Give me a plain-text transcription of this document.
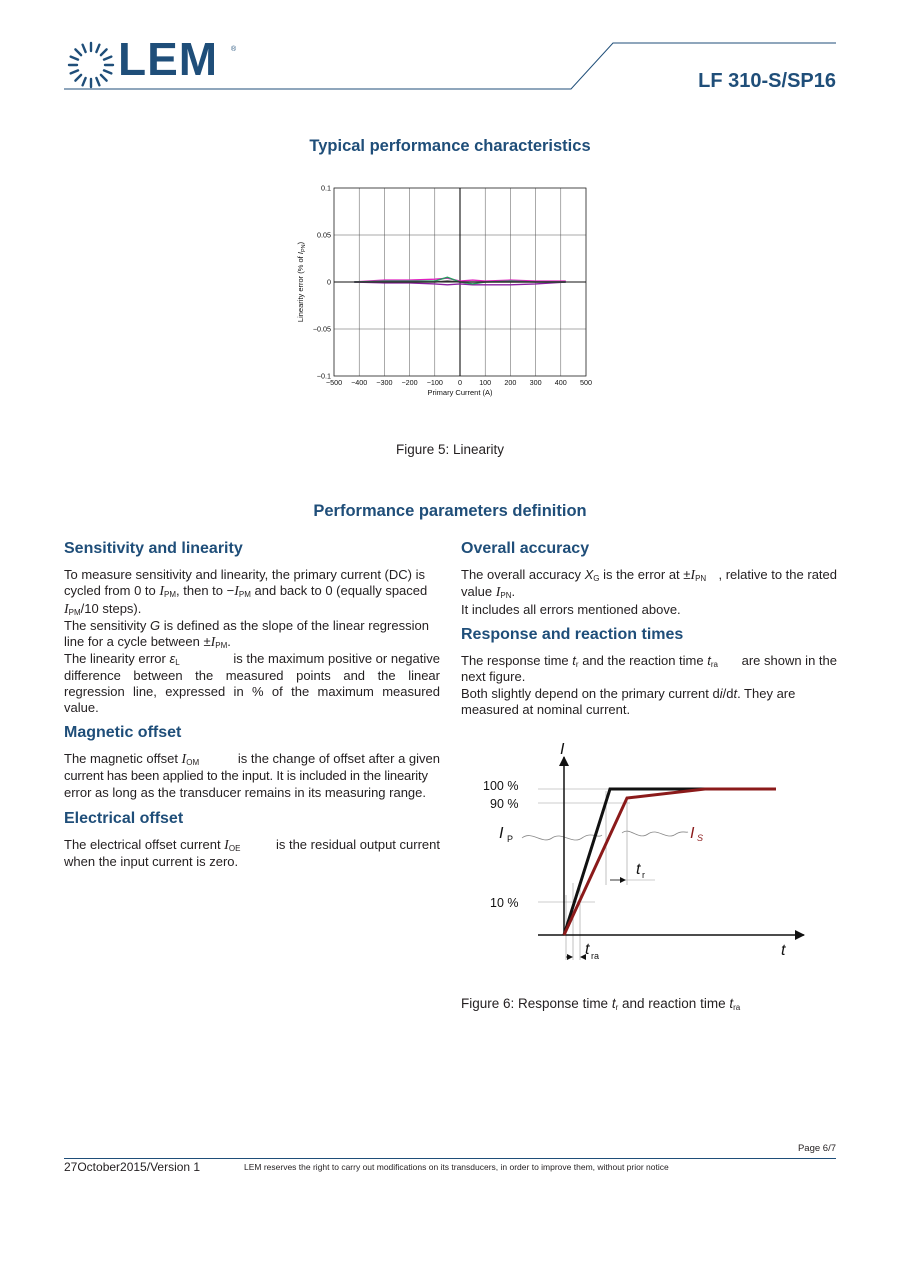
LEM ®
LF 310-S/SP16
Typical performance characteristics
−500 −400 −300 −200 −100 0 100 200 300 400 500
0.1
0.05
0
−0.05
−0.1
Primary Current (A)
Linearity error (% of $I_{PN}$)
Figure 5: Linearity
Performance parameters definition
Sensitivity and linearity
To measure sensitivity and linearity, the primary current (DC) is
cycled from 0 to $I_{PM}$, then to $-I_{PM}$ and back to 0 (equally spaced
$I_{PM}/10$ steps).
The sensitivity G is defined as the slope of the linear regression
line for a cycle between $\pm I_{PM}$.
The linearity error $\varepsilon_L$	is the maximum positive or negative
difference between the measured points and the linear
regression line, expressed in % of the maximum measured
value.
Magnetic offset
The magnetic offset $I_{OM}$	is the change of offset after a given
current has been applied to the input. It is included in the linearity
error as long as the transducer remains in its measuring range.
Electrical offset
The electrical offset current $I_{OE}$	is the residual output current
when the input current is zero.
Overall accuracy
The overall accuracy $X_G$ is the error at $\pm I_{PN}$ , relative to the rated
value $I_{PN}$.
It includes all errors mentioned above.
Response and reaction times
The response time $t_r$ and the reaction time $t_{ra}$ are shown in the
next figure.
Both slightly depend on the primary current di/dt. They are
measured at nominal current.
I
t
100 %
90 %
10 %
I P	I S
t r
t ra
Figure 6: Response time $t_r$ and reaction time $t_{ra}$
Page 6/7
27October2015/Version 1	LEM reserves the right to carry out modifications on its transducers, in order to improve them, without prior notice
